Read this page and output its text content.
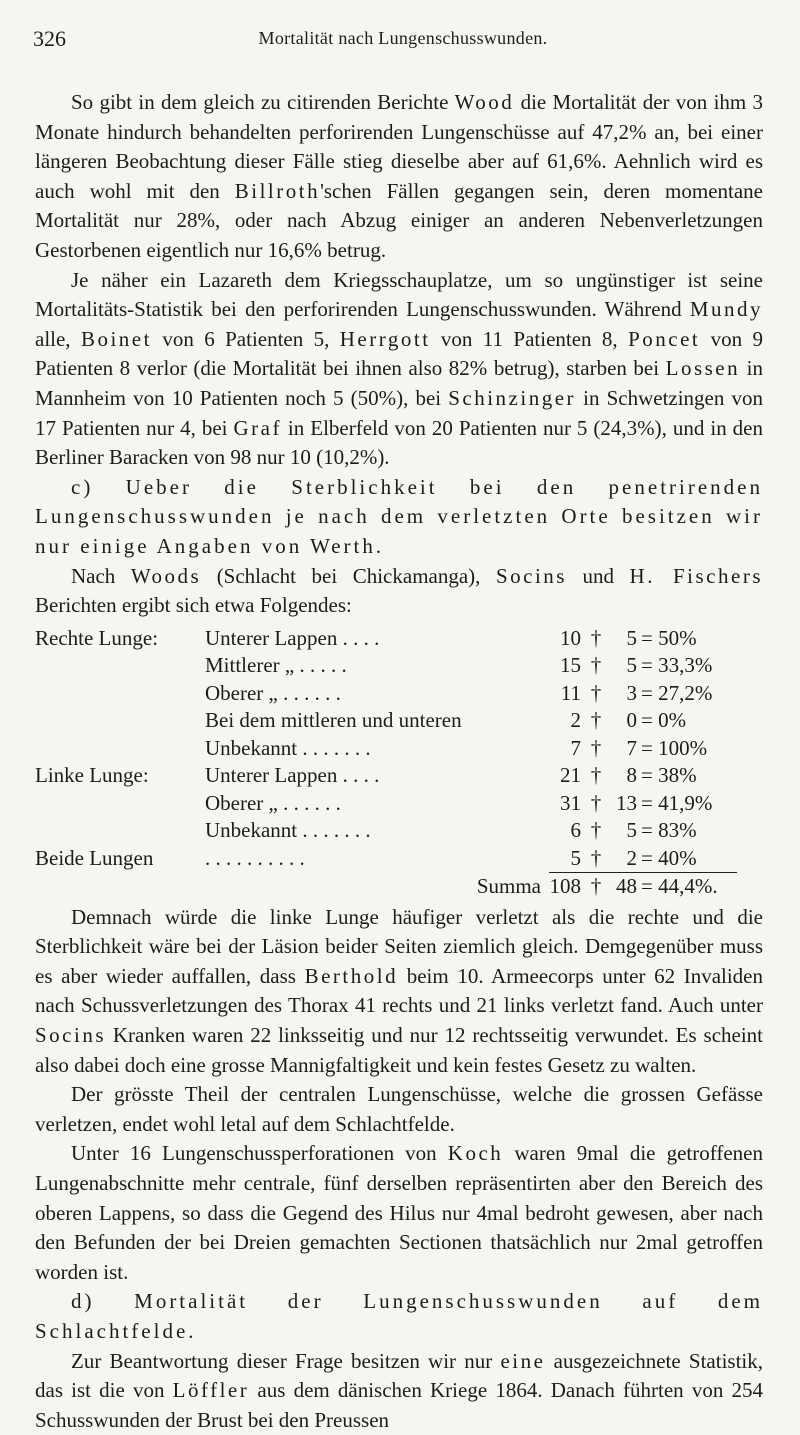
326	Mortalität nach Lungenschusswunden.

So gibt in dem gleich zu citirenden Berichte Wood die Mortalität der von ihm 3 Monate hindurch behandelten perforirenden Lungenschüsse auf 47,2% an, bei einer längeren Beobachtung dieser Fälle stieg dieselbe aber auf 61,6%. Aehnlich wird es auch wohl mit den Billroth'schen Fällen gegangen sein, deren momentane Mortalität nur 28%, oder nach Abzug einiger an anderen Nebenverletzungen Gestorbenen eigentlich nur 16,6% betrug.

Je näher ein Lazareth dem Kriegsschauplatze, um so ungünstiger ist seine Mortalitäts-Statistik bei den perforirenden Lungenschusswunden. Während Mundy alle, Boinet von 6 Patienten 5, Herrgott von 11 Patienten 8, Poncet von 9 Patienten 8 verlor (die Mortalität bei ihnen also 82% betrug), starben bei Lossen in Mannheim von 10 Patienten noch 5 (50%), bei Schinzinger in Schwetzingen von 17 Patienten nur 4, bei Graf in Elberfeld von 20 Patienten nur 5 (24,3%), und in den Berliner Baracken von 98 nur 10 (10,2%).

c) Ueber die Sterblichkeit bei den penetrirenden Lungenschusswunden je nach dem verletzten Orte besitzen wir nur einige Angaben von Werth.

Nach Woods (Schlacht bei Chickamanga), Socins und H. Fischers Berichten ergibt sich etwa Folgendes:

Rechte Lunge:	Unterer Lappen . . . .	10	†	5	= 50%
	Mittlerer „ . . . . .	15	†	5	= 33,3%
	Oberer „ . . . . . .	11	†	3	= 27,2%
	Bei dem mittleren und unteren	2	†	0	= 0%
	Unbekannt . . . . . . .	7	†	7	= 100%
Linke Lunge:	Unterer Lappen . . . .	21	†	8	= 38%
	Oberer „ . . . . . .	31	†	13	= 41,9%
	Unbekannt . . . . . . .	6	†	5	= 83%
Beide Lungen	. . . . . . . . . .	5	†	2	= 40%
	Summa	108	†	48	= 44,4%.

Demnach würde die linke Lunge häufiger verletzt als die rechte und die Sterblichkeit wäre bei der Läsion beider Seiten ziemlich gleich. Demgegenüber muss es aber wieder auffallen, dass Berthold beim 10. Armeecorps unter 62 Invaliden nach Schussverletzungen des Thorax 41 rechts und 21 links verletzt fand. Auch unter Socins Kranken waren 22 linksseitig und nur 12 rechtsseitig verwundet. Es scheint also dabei doch eine grosse Mannigfaltigkeit und kein festes Gesetz zu walten.

Der grösste Theil der centralen Lungenschüsse, welche die grossen Gefässe verletzen, endet wohl letal auf dem Schlachtfelde.

Unter 16 Lungenschussperforationen von Koch waren 9mal die getroffenen Lungenabschnitte mehr centrale, fünf derselben repräsentirten aber den Bereich des oberen Lappens, so dass die Gegend des Hilus nur 4mal bedroht gewesen, aber nach den Befunden der bei Dreien gemachten Sectionen thatsächlich nur 2mal getroffen worden ist.

d) Mortalität der Lungenschusswunden auf dem Schlachtfelde.

Zur Beantwortung dieser Frage besitzen wir nur eine ausgezeichnete Statistik, das ist die von Löffler aus dem dänischen Kriege 1864. Danach führten von 254 Schusswunden der Brust bei den Preussen
